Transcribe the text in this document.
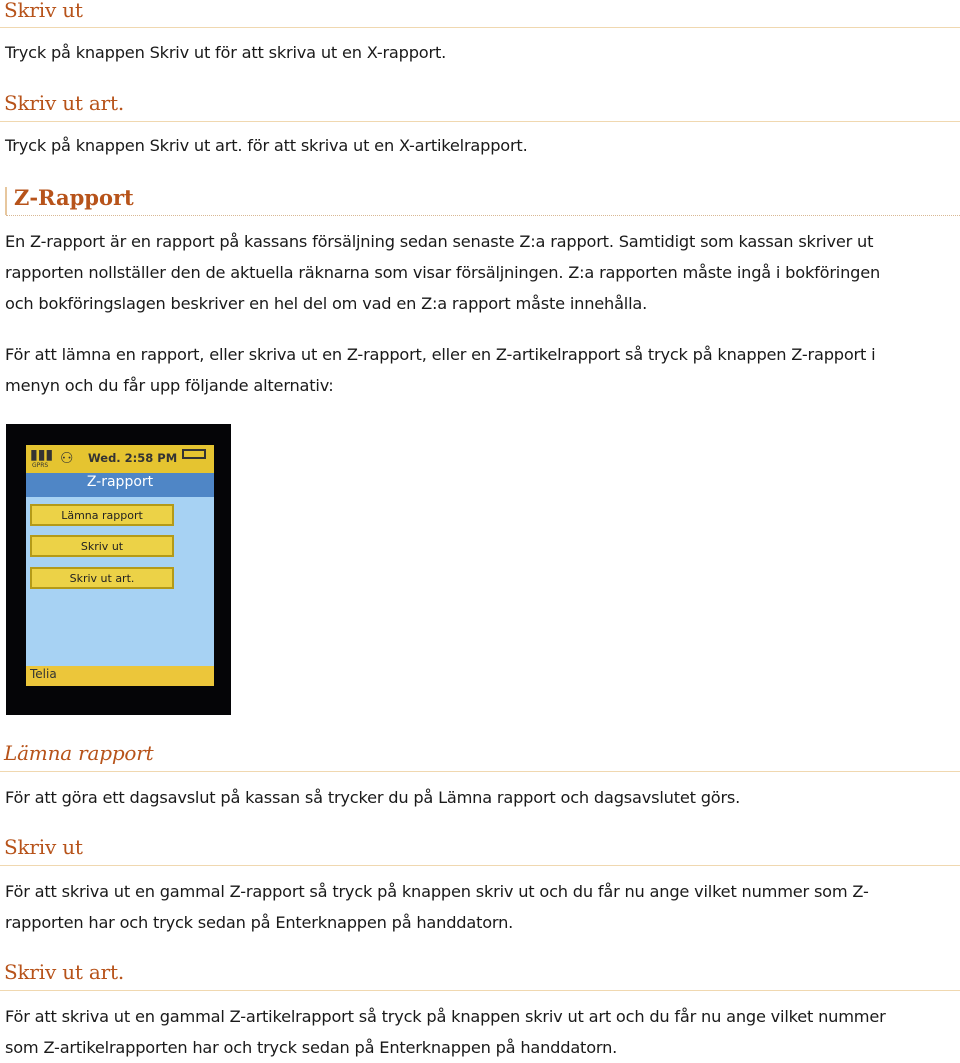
Skriv ut
Tryck på knappen Skriv ut för att skriva ut en X-rapport.
Skriv ut art.
Tryck på knappen Skriv ut art. för att skriva ut en X-artikelrapport.
Z-Rapport
En Z-rapport är en rapport på kassans försäljning sedan senaste Z:a rapport. Samtidigt som kassan skriver ut
rapporten nollställer den de aktuella räknarna som visar försäljningen. Z:a rapporten måste ingå i bokföringen
och bokföringslagen beskriver en hel del om vad en Z:a rapport måste innehålla.
För att lämna en rapport, eller skriva ut en Z-rapport, eller en Z-artikelrapport så tryck på knappen Z-rapport i
menyn och du får upp följande alternativ:
▮▮▮
GPRS ⚇ Wed. 2:58 PM
Z-rapport
Lämna rapport
Skriv ut
Skriv ut art.
Telia
Lämna rapport
För att göra ett dagsavslut på kassan så trycker du på Lämna rapport och dagsavslutet görs.
Skriv ut
För att skriva ut en gammal Z-rapport så tryck på knappen skriv ut och du får nu ange vilket nummer som Z-
rapporten har och tryck sedan på Enterknappen på handdatorn.
Skriv ut art.
För att skriva ut en gammal Z-artikelrapport så tryck på knappen skriv ut art och du får nu ange vilket nummer
som Z-artikelrapporten har och tryck sedan på Enterknappen på handdatorn.
